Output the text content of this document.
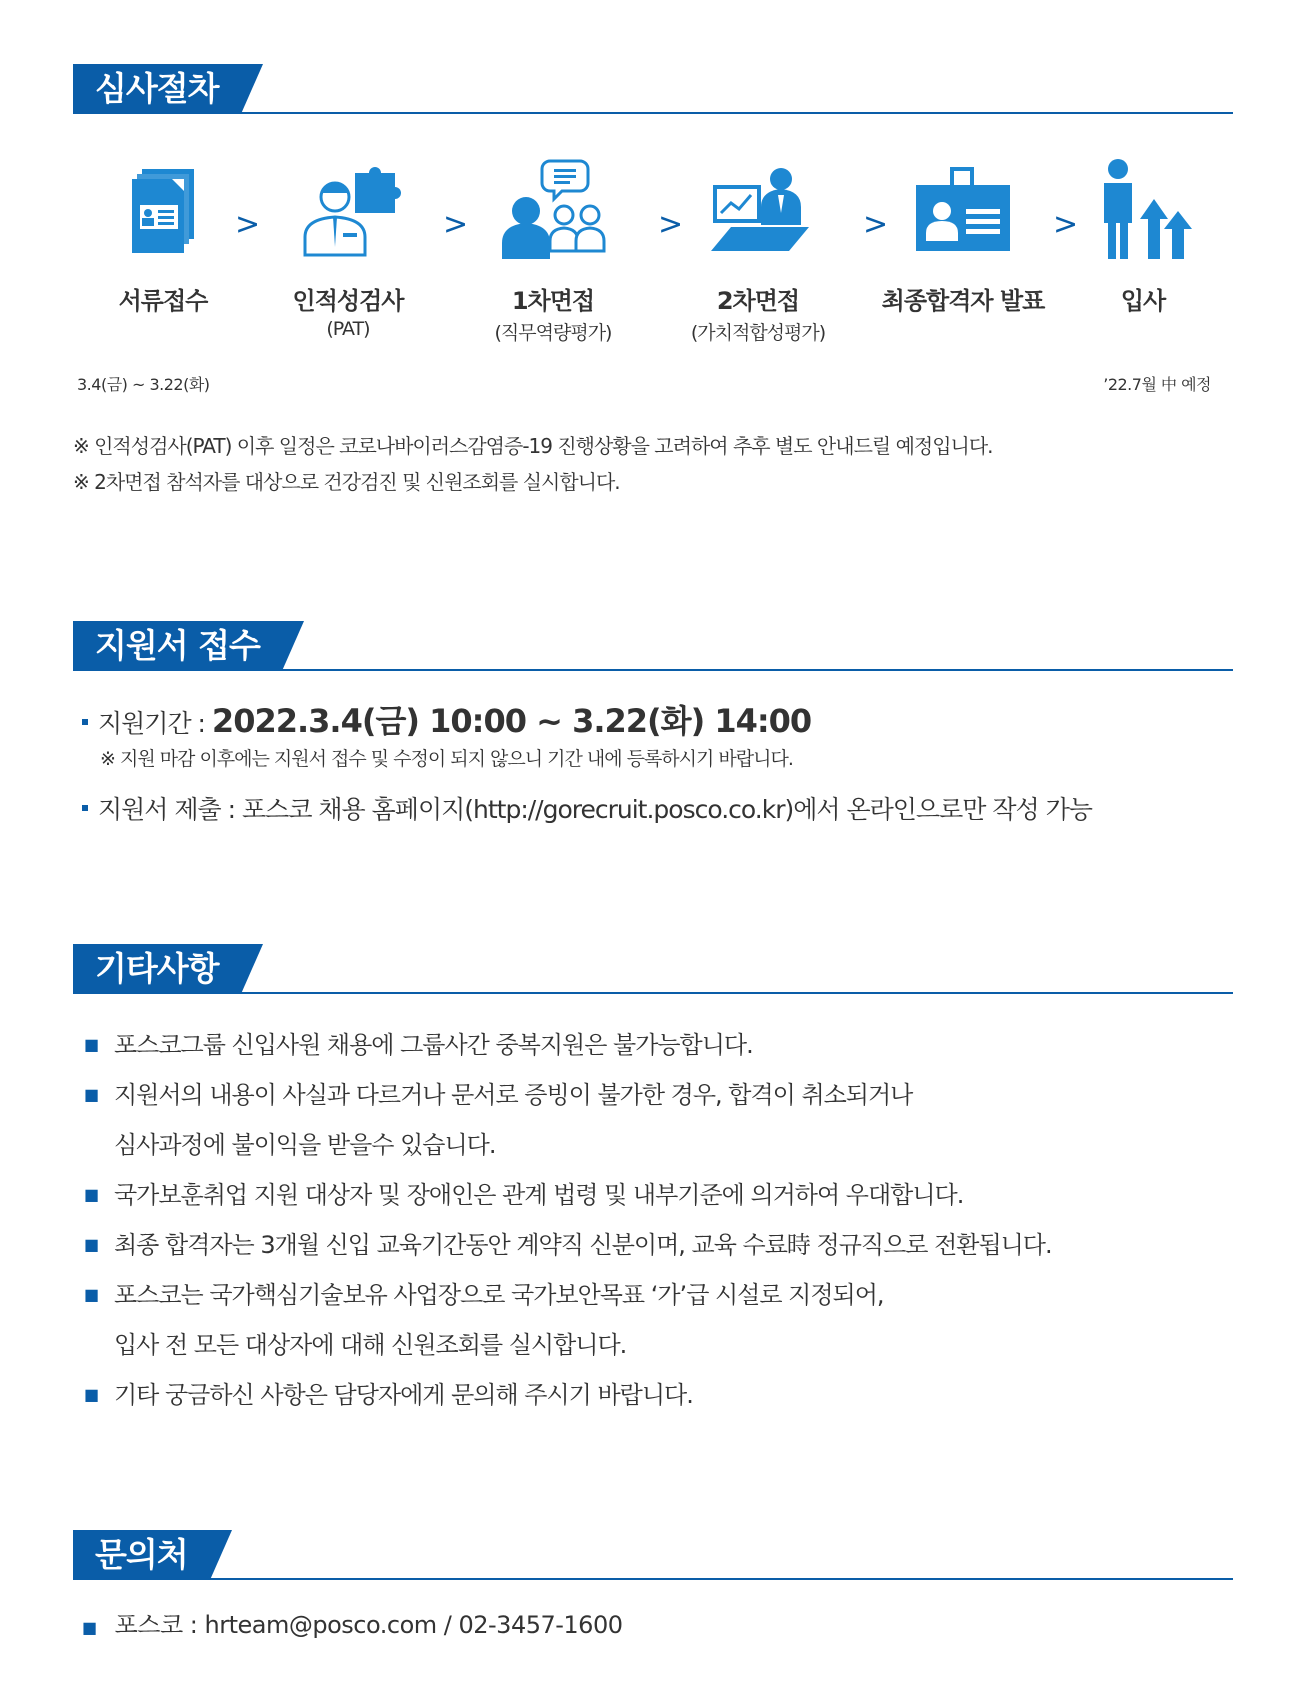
심사절차
서류접수
>
인적성검사
(PAT)
>
1차면접
(직무역량평가)
>
2차면접
(가치적합성평가)
>
최종합격자 발표
>
입사
3.4(금) ~ 3.22(화)	’22.7월 中 예정
※ 인적성검사(PAT) 이후 일정은 코로나바이러스감염증-19 진행상황을 고려하여 추후 별도 안내드릴 예정입니다.
※ 2차면접 참석자를 대상으로 건강검진 및 신원조회를 실시합니다.
지원서 접수
지원기간 : 2022.3.4(금) 10:00 ~ 3.22(화) 14:00
※ 지원 마감 이후에는 지원서 접수 및 수정이 되지 않으니 기간 내에 등록하시기 바랍니다.
지원서 제출 : 포스코 채용 홈페이지(http://gorecruit.posco.co.kr)에서 온라인으로만 작성 가능
기타사항
■ 포스코그룹 신입사원 채용에 그룹사간 중복지원은 불가능합니다.
■ 지원서의 내용이 사실과 다르거나 문서로 증빙이 불가한 경우, 합격이 취소되거나
심사과정에 불이익을 받을수 있습니다.
■ 국가보훈취업 지원 대상자 및 장애인은 관계 법령 및 내부기준에 의거하여 우대합니다.
■ 최종 합격자는 3개월 신입 교육기간동안 계약직 신분이며, 교육 수료時 정규직으로 전환됩니다.
■ 포스코는 국가핵심기술보유 사업장으로 국가보안목표 ‘가’급 시설로 지정되어,
입사 전 모든 대상자에 대해 신원조회를 실시합니다.
■ 기타 궁금하신 사항은 담당자에게 문의해 주시기 바랍니다.
문의처
■ 포스코 : hrteam@posco.com / 02-3457-1600
